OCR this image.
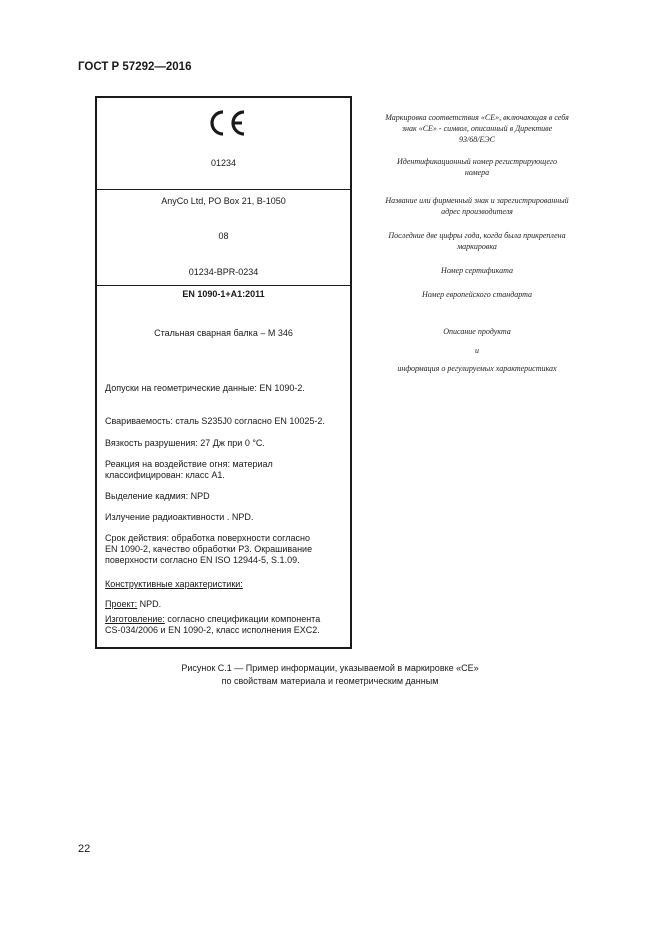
ГОСТ Р 57292—2016
01234
AnyCo Ltd, PO Box 21, B-1050
08
01234-BPR-0234
EN 1090-1+A1:2011
Стальная сварная балка – M 346
Допуски на геометрические данные: EN 1090-2.
Свариваемость: сталь S235J0 согласно EN 10025-2.
Вязкость разрушения: 27 Дж при 0 °С.
Реакция на воздействие огня: материал
классифицирован: класс А1.
Выделение кадмия: NPD
Излучение радиоактивности . NPD.
Срок действия: обработка поверхности согласно
EN 1090-2, качество обработки Р3. Окрашивание
поверхности согласно EN ISO 12944-5, S.1.09.
Конструктивные характеристики:
Проект: NPD.
Изготовление: согласно спецификации компонента
CS-034/2006 и EN 1090-2, класс исполнения EXC2.
Маркировка соответствия «СЕ», включающая в себя
знак «СЕ» - символ, описанный в Директиве
93/68/ЕЭС
Идентификационный номер регистрирующего
номера
Название или фирменный знак и зарегистрированный
адрес производителя
Последние две цифры года, когда была прикреплена
маркировка
Номер сертификата
Номер европейского стандарта
Описание продукта
и
информация о регулируемых характеристиках
Рисунок С.1 — Пример информации, указываемой в маркировке «СЕ»
по свойствам материала и геометрическим данным
22
